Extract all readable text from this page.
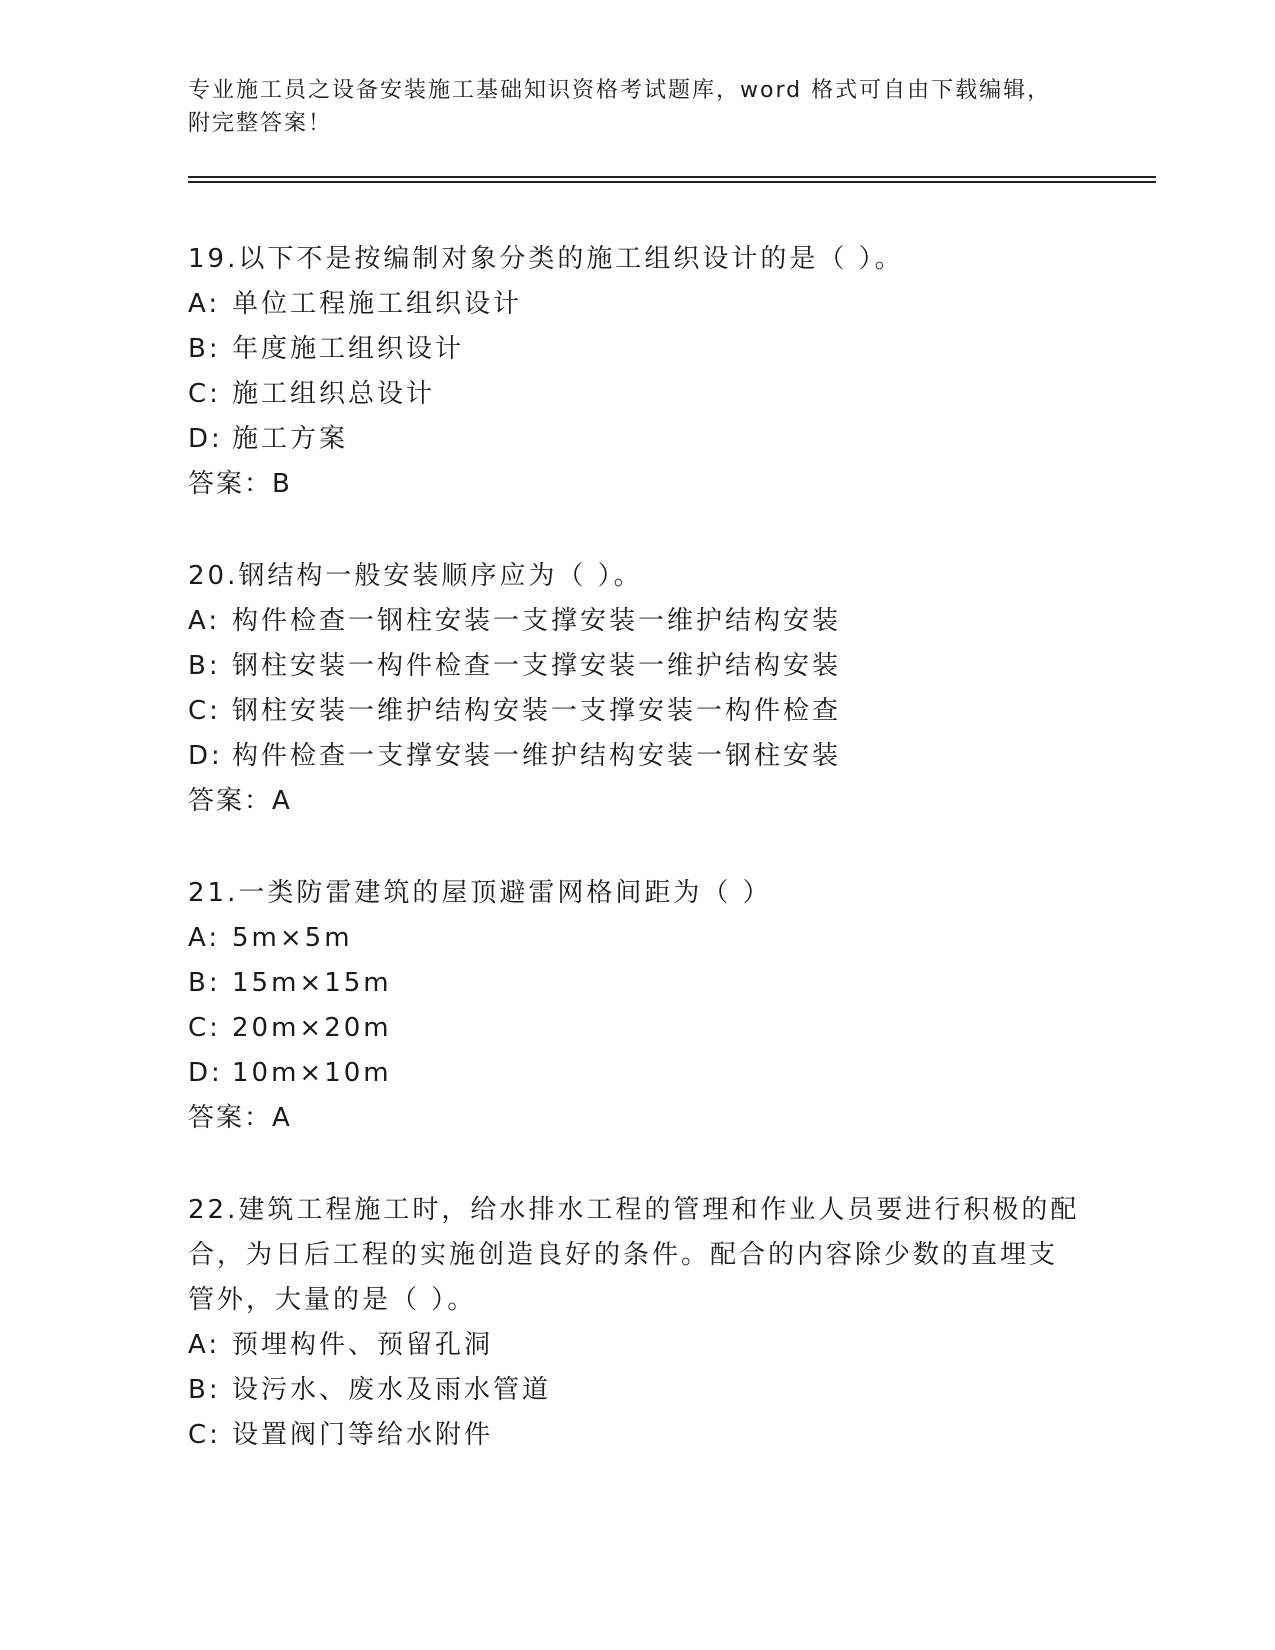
专业施工员之设备安装施工基础知识资格考试题库，word 格式可自由下载编辑，
附完整答案！
19.以下不是按编制对象分类的施工组织设计的是（ ）。
A: 单位工程施工组织设计
B: 年度施工组织设计
C: 施工组织总设计
D: 施工方案
答案：B
20.钢结构一般安装顺序应为（ ）。
A: 构件检查一钢柱安装一支撑安装一维护结构安装
B: 钢柱安装一构件检查一支撑安装一维护结构安装
C: 钢柱安装一维护结构安装一支撑安装一构件检查
D: 构件检查一支撑安装一维护结构安装一钢柱安装
答案：A
21.一类防雷建筑的屋顶避雷网格间距为（ ）
A: 5m×5m
B: 15m×15m
C: 20m×20m
D: 10m×10m
答案：A
22.建筑工程施工时，给水排水工程的管理和作业人员要进行积极的配
合，为日后工程的实施创造良好的条件。配合的内容除少数的直埋支
管外，大量的是（ ）。
A: 预埋构件、预留孔洞
B: 设污水、废水及雨水管道
C: 设置阀门等给水附件
